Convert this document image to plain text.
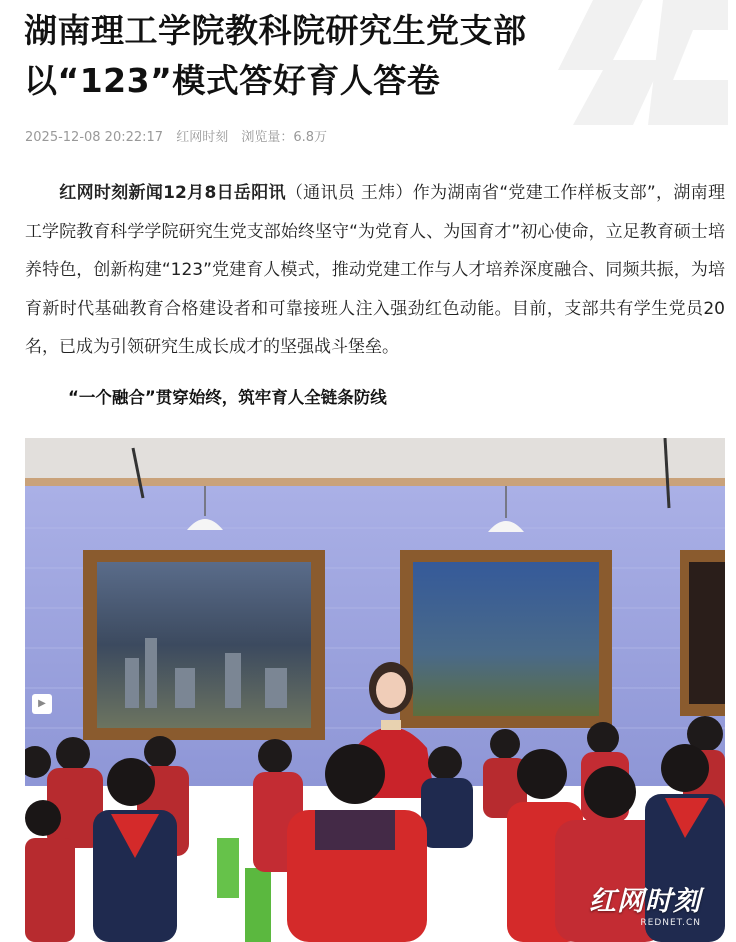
湖南理工学院教科院研究生党支部以“123”模式答好育人答卷
2025-12-08 20:22:17 红网时刻 浏览量：6.8万

红网时刻新闻12月8日岳阳讯（通讯员 王炜）作为湖南省“党建工作样板支部”，湖南理工学院教育科学学院研究生党支部始终坚守“为党育人、为国育才”初心使命，立足教育硕士培养特色，创新构建“123”党建育人模式，推动党建工作与人才培养深度融合、同频共振，为培育新时代基础教育合格建设者和可靠接班人注入强劲红色动能。目前，支部共有学生党员20名，已成为引领研究生成长成才的坚强战斗堡垒。

“一个融合”贯穿始终，筑牢育人全链条防线
▶
红网时刻
REDNET.CN
